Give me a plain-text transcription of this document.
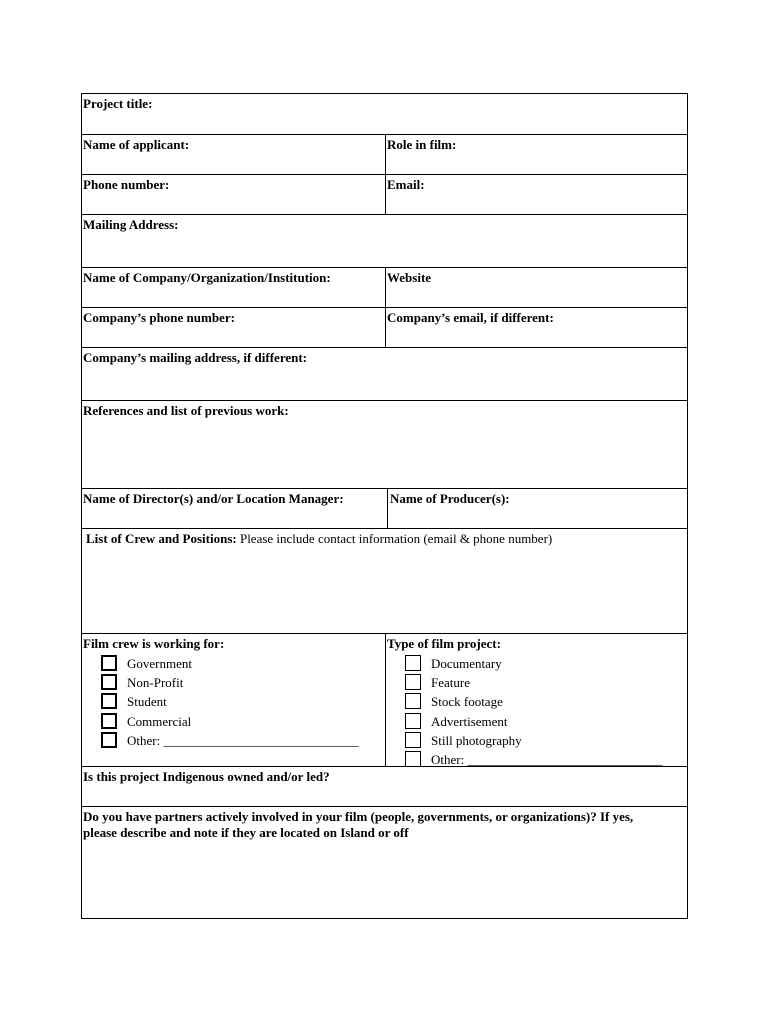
Project title:
Name of applicant:	Role in film:
Phone number:	Email:
Mailing Address:
Name of Company/Organization/Institution:	Website
Company’s phone number:	Company’s email, if different:
Company’s mailing address, if different:
References and list of previous work:
Name of Director(s) and/or Location Manager:	Name of Producer(s):
List of Crew and Positions: Please include contact information (email & phone number)
Film crew is working for:
Government
Non-Profit
Student
Commercial
Other: ______________________________
Type of film project:
Documentary
Feature
Stock footage
Advertisement
Still photography
Other: ______________________________
Is this project Indigenous owned and/or led?
Do you have partners actively involved in your film (people, governments, or organizations)? If yes,
please describe and note if they are located on Island or off
